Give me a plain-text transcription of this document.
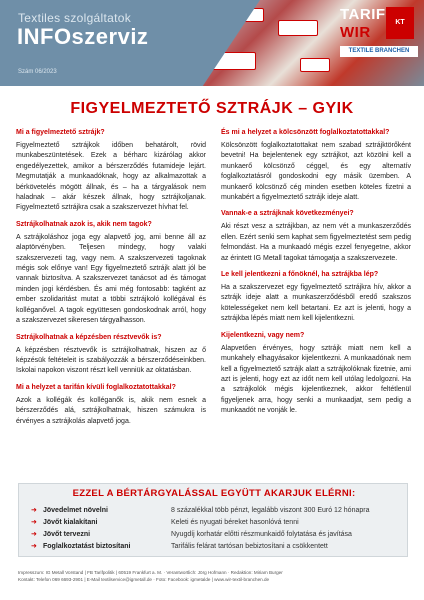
Textiles szolgáltatok
INFOszerviz
Szám 06/2023
TARIF
WIR
KT
TEXTILE BRANCHEN
FIGYELMEZTETŐ SZTRÁJK – GYIK
Mi a figyelmeztető sztrájk?
Figyelmeztető sztrájkok időben behatárolt, rövid munkabeszüntetések. Ezek a bérharc kizárólag akkor engedélyezettek, amikor a bérszerződés futamideje lejárt. Megmutatják a munkaadóknak, hogy az alkalmazottak a bérkövetelés mögött állnak, és – ha a tárgyalások nem haladnak – akár készek állnak, hogy sztrájkoljanak. Figyelmeztető sztrájkra csak a szakszervezet hívhat fel.
Sztrájkolhatnak azok is, akik nem tagok?
A sztrájkoláshoz joga egy alapvető jog, ami benne áll az alaptörvényben. Teljesen mindegy, hogy valaki szakszervezeti tag, vagy nem. A szakszervezeti tagoknak mégis sok előnye van! Egy figyelmeztető sztrájk alatt jól be vannak biztosítva. A szakszervezet tanácsot ad és támogat minden jogi kérdésben. És ami még fontosabb: tagként az ember szolidaritást mutat a többi sztrájkoló kollégával és kolléganővel. A tagok együttesen gondoskodnak arról, hogy a szakszervezet sikeresen tárgyalhasson.
Sztrájkolhatnak a képzésben résztvevők is?
A képzésben résztvevők is sztrájkolhatnak, hiszen az ő képzésük feltételeit is szabályozzák a bérszerződéseinkben. Iskolai napokon viszont részt kell venniük az oktatásban.
Mi a helyzet a tarifán kívüli foglalkoztatottakkal?
Azok a kollégák és kolléganők is, akik nem esnek a bérszerződés alá, sztrájkolhatnak, hiszen számukra is érvényes a sztrájkolás alapvető joga.
És mi a helyzet a kölcsönzött foglalkoztatottakkal?
Kölcsönzött foglalkoztatottakat nem szabad sztrájktörőként bevetni! Ha bejelentenek egy sztrájkot, azt közölni kell a munkaerő kölcsönző céggel, és egy alternatív foglalkoztatásról gondoskodni egy másik üzemben. A munkaerő kölcsönző cég minden esetben köteles fizetni a munkabért a figyelmeztető sztrájk ideje alatt.
Vannak-e a sztrájknak következményei?
Aki részt vesz a sztrájkban, az nem vét a munkaszerződés ellen. Ezért senki sem kaphat sem figyelmeztetést sem pedig felmondást. Ha a munkaadó mégis ezzel fenyegetne, akkor az érintett IG Metall tagokat támogatja a szakszervezete.
Le kell jelentkezni a főnöknél, ha sztrájkba lép?
Ha a szakszervezet egy figyelmeztető sztrájkra hív, akkor a sztrájk ideje alatt a munkaszerződésből eredő szakszos kötelességeket nem kell betartani. Ez azt is jelenti, hogy a sztrájkba lépés miatt nem kell kijelentkezni.
Kijelentkezni, vagy nem?
Alapvetően érvényes, hogy sztrájk miatt nem kell a munkahely elhagyásakor kijelentkezni. A munkaadónak nem kell a figyelmeztető sztrájk alatt a sztrájkolóknak fizetnie, ami azt is jelenti, hogy ezt az időt nem kell utólag ledolgozni. Ha a sztrájkolók mégis kijelentkeznek, akkor feltétlenül figyeljenek arra, hogy senki a munkaadjat, sem pedig a munkaadót ne vonják le.
EZZEL A BÉRTÁRGYALÁSSAL EGYÜTT AKARJUK ELÉRNI:
➜ Jövedelmet növelni	8 százalékkal több pénzt, legalább viszont 300 Euró 12 hónapra
➜ Jövőt kialakítani	Keleti és nyugati béreket hasonlóvá tenni
➜ Jövőt tervezni	Nyugdíj korhatár előtti részmunkaidő folytatása és javítása
➜ Foglalkoztatást biztosítani	Tarifális felárat tartósan bebiztosítani a csökkentett
Impresszum: IG Metall Vorstand | FB Tarifpolitik | 60519 Frankfurt a. M. · Verantwortlich: Jörg Hofmann · Redaktion: Miriam Burger
Kontakt: Telefon 069 6693-2901 | E-Mail textilservice@igmetall.de · Foto: Facebook: igmetalde | www.wir-textil-branchen.de
